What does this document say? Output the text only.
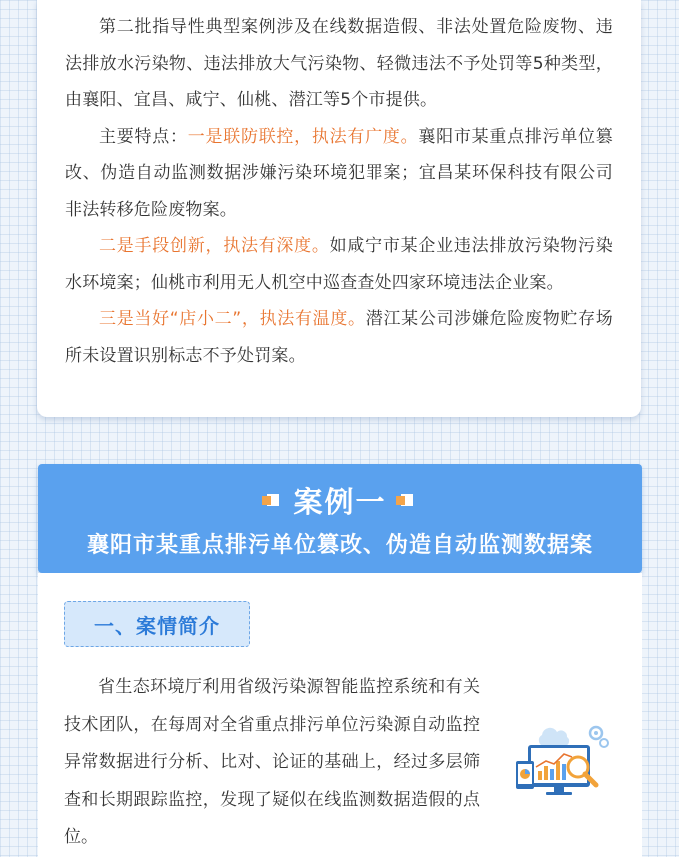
第二批指导性典型案例涉及在线数据造假、非法处置危险废物、违法排放水污染物、违法排放大气污染物、轻微违法不予处罚等5种类型，由襄阳、宜昌、咸宁、仙桃、潜江等5个市提供。

主要特点：一是联防联控，执法有广度。襄阳市某重点排污单位篡改、伪造自动监测数据涉嫌污染环境犯罪案；宜昌某环保科技有限公司非法转移危险废物案。

二是手段创新，执法有深度。如咸宁市某企业违法排放污染物污染水环境案；仙桃市利用无人机空中巡查查处四家环境违法企业案。

三是当好“店小二”，执法有温度。潜江某公司涉嫌危险废物贮存场所未设置识别标志不予处罚案。

案例一
襄阳市某重点排污单位篡改、伪造自动监测数据案
一、案情简介

省生态环境厅利用省级污染源智能监控系统和有关技术团队，在每周对全省重点排污单位污染源自动监控异常数据进行分析、比对、论证的基础上，经过多层筛查和长期跟踪监控，发现了疑似在线监测数据造假的点位。
